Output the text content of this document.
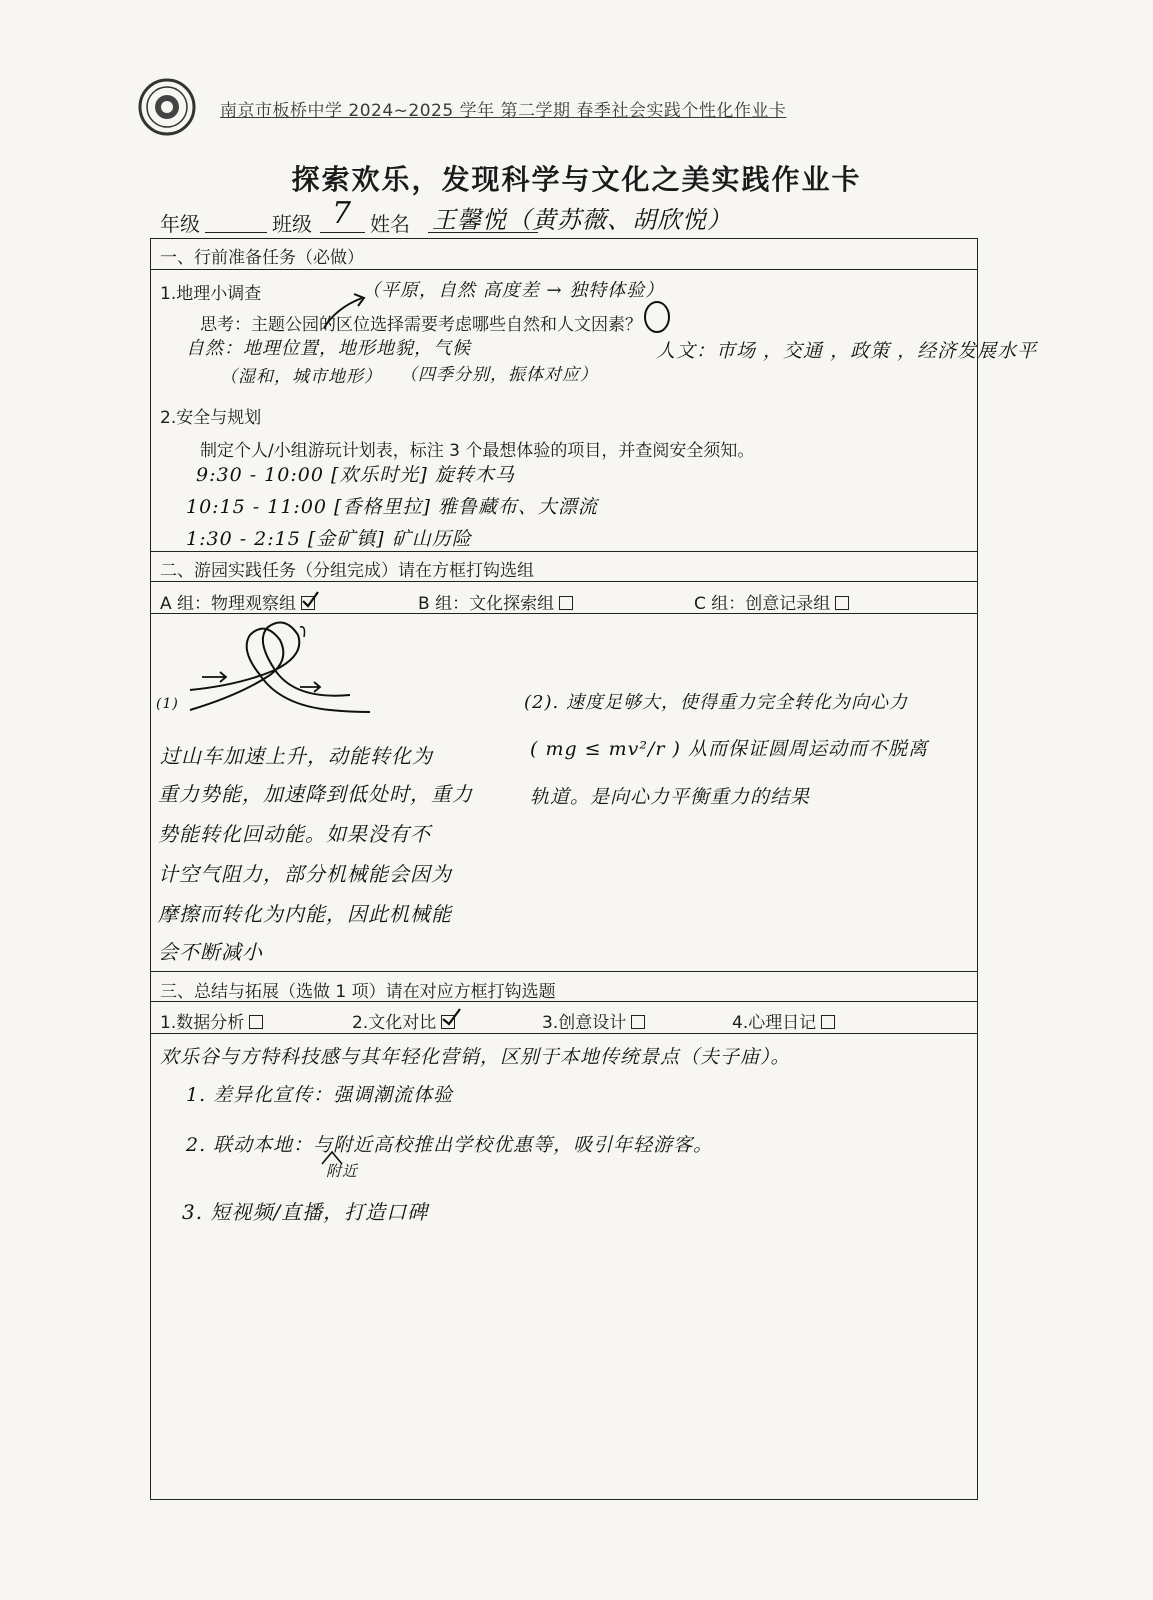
南京市板桥中学 2024~2025 学年 第二学期 春季社会实践个性化作业卡
探索欢乐，发现科学与文化之美实践作业卡
年级	班级 7 姓名 王馨悦（黄苏薇、胡欣悦）
一、行前准备任务（必做）
1.地理小调查	（平原，自然 高度差 → 独特体验）
思考：主题公园的区位选择需要考虑哪些自然和人文因素？
自然：地理位置，地形地貌，气候
（湿和，城市地形） （四季分别，振体对应）
人文：市场 ，交通 ，政策 ，经济发展水平
2.安全与规划
制定个人/小组游玩计划表，标注 3 个最想体验的项目，并查阅安全须知。
9:30 - 10:00 [欢乐时光] 旋转木马
10:15 - 11:00 [香格里拉] 雅鲁藏布、大漂流
1:30 - 2:15 [金矿镇] 矿山历险
二、游园实践任务（分组完成）请在方框打钩选组
A 组：物理观察组	B 组：文化探索组	C 组：创意记录组
(1)
过山车加速上升，动能转化为
重力势能，加速降到低处时，重力
势能转化回动能。如果没有不
计空气阻力，部分机械能会因为
摩擦而转化为内能，因此机械能
会不断减小
(2). 速度足够大，使得重力完全转化为向心力
( mg ≤ mv²/r ) 从而保证圆周运动而不脱离
轨道。是向心力平衡重力的结果
三、总结与拓展（选做 1 项）请在对应方框打钩选题
1.数据分析	2.文化对比	3.创意设计	4.心理日记
欢乐谷与方特科技感与其年轻化营销，区别于本地传统景点（夫子庙）。
1. 差异化宣传：强调潮流体验
2. 联动本地：与附近高校推出学校优惠等，吸引年轻游客。
附近
3. 短视频/直播，打造口碑
